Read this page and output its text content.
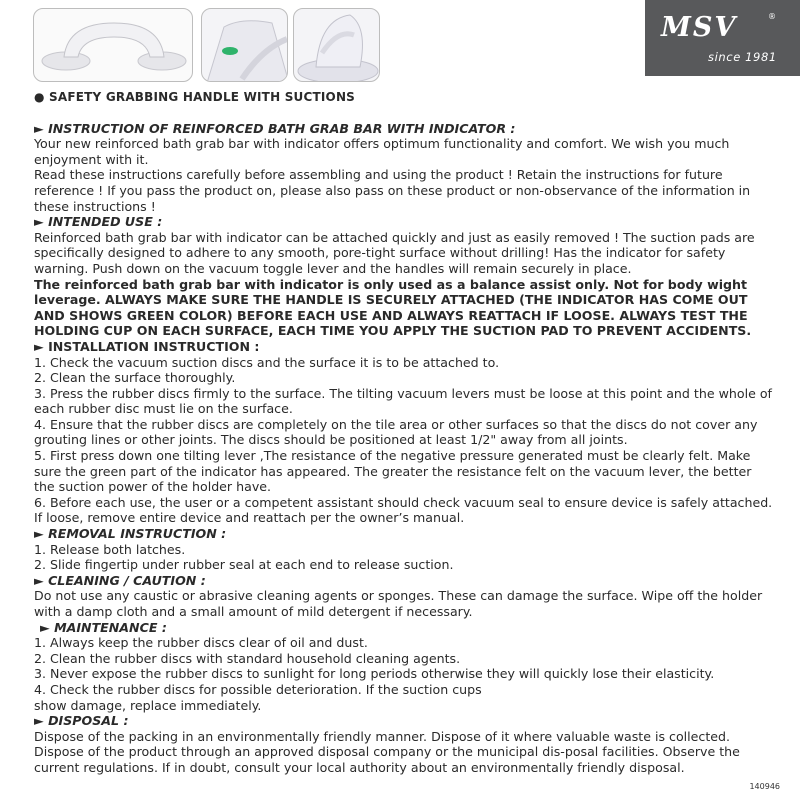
MSV	®
since 1981

● SAFETY GRABBING HANDLE WITH SUCTIONS

► INSTRUCTION OF REINFORCED BATH GRAB BAR WITH INDICATOR :

Your new reinforced bath grab bar with indicator offers optimum functionality and comfort. We wish you much enjoyment with it.

Read these instructions carefully before assembling and using the product ! Retain the instructions for future reference ! If you pass the product on, please also pass on these product or non-observance of the information in these instructions !

► INTENDED USE :

Reinforced bath grab bar with indicator can be attached quickly and just as easily removed ! The suction pads are specifically designed to adhere to any smooth, pore-tight surface without drilling! Has the indicator for safety warning. Push down on the vacuum toggle lever and the handles will remain securely in place.

The reinforced bath grab bar with indicator is only used as a balance assist only. Not for body wight leverage. ALWAYS MAKE SURE THE HANDLE IS SECURELY ATTACHED (THE INDICATOR HAS COME OUT AND SHOWS GREEN COLOR) BEFORE EACH USE AND ALWAYS REATTACH IF LOOSE. ALWAYS TEST THE HOLDING CUP ON EACH SURFACE, EACH TIME YOU APPLY THE SUCTION PAD TO PREVENT ACCIDENTS.

► INSTALLATION INSTRUCTION :

1. Check the vacuum suction discs and the surface it is to be attached to.

2. Clean the surface thoroughly.

3. Press the rubber discs firmly to the surface. The tilting vacuum levers must be loose at this point and the whole of each rubber disc must lie on the surface.

4. Ensure that the rubber discs are completely on the tile area or other surfaces so that the discs do not cover any grouting lines or other joints. The discs should be positioned at least 1/2" away from all joints.

5. First press down one tilting lever ,The resistance of the negative pressure generated must be clearly felt. Make sure the green part of the indicator has appeared. The greater the resistance felt on the vacuum lever, the better the suction power of the holder have.

6. Before each use, the user or a competent assistant should check vacuum seal to ensure device is safely attached. If loose, remove entire device and reattach per the owner’s manual.

► REMOVAL INSTRUCTION :

1. Release both latches.

2. Slide fingertip under rubber seal at each end to release suction.

► CLEANING / CAUTION :

Do not use any caustic or abrasive cleaning agents or sponges. These can damage the surface. Wipe off the holder with a damp cloth and a small amount of mild detergent if necessary.

► MAINTENANCE :

1. Always keep the rubber discs clear of oil and dust.

2. Clean the rubber discs with standard household cleaning agents.

3. Never expose the rubber discs to sunlight for long periods otherwise they will quickly lose their elasticity.

4. Check the rubber discs for possible deterioration. If the suction cups

show damage, replace immediately.

► DISPOSAL :

Dispose of the packing in an environmentally friendly manner. Dispose of it where valuable waste is collected. Dispose of the product through an approved disposal company or the municipal dis-posal facilities. Observe the current regulations. If in doubt, consult your local authority about an environmentally friendly disposal.

140946
